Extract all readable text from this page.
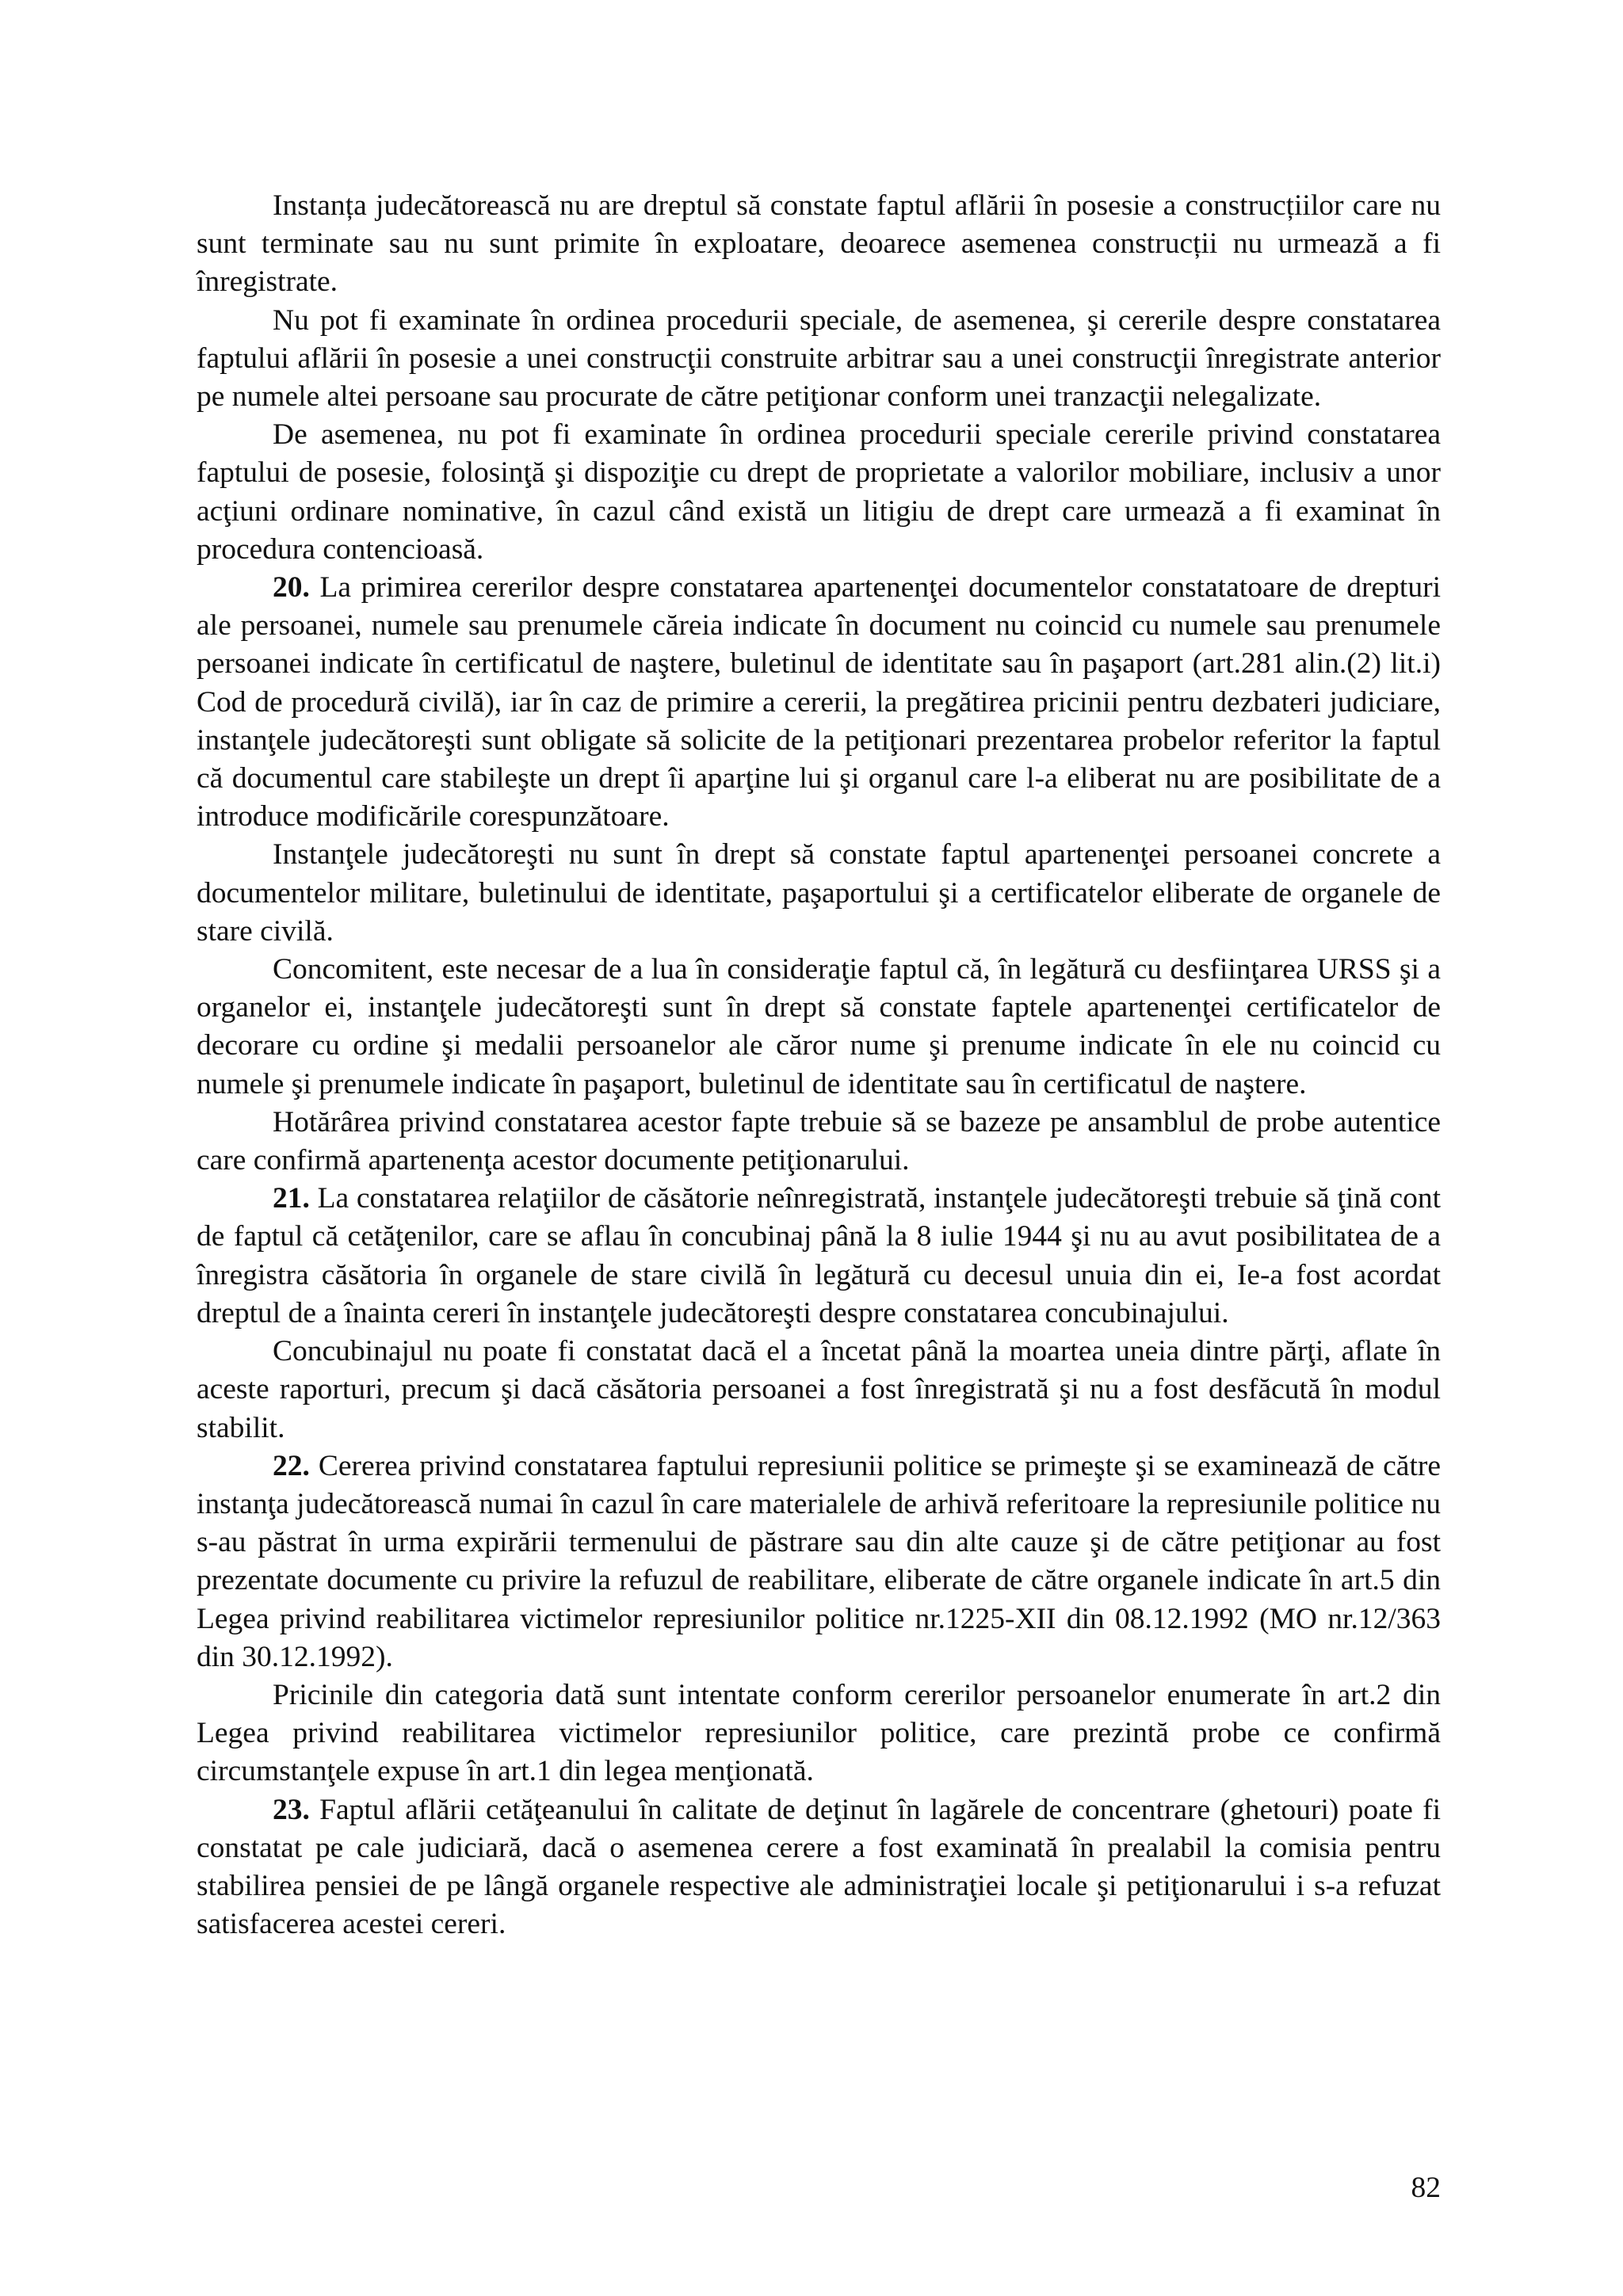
Instanța judecătorească nu are dreptul să constate faptul aflării în posesie a construcțiilor care nu sunt terminate sau nu sunt primite în exploatare, deoarece asemenea construcții nu urmează a fi înregistrate.

Nu pot fi examinate în ordinea procedurii speciale, de asemenea, şi cererile despre constatarea faptului aflării în posesie a unei construcţii construite arbitrar sau a unei construcţii înregistrate anterior pe numele altei persoane sau procurate de către petiţionar conform unei tranzacţii nelegalizate.

De asemenea, nu pot fi examinate în ordinea procedurii speciale cererile privind constatarea faptului de posesie, folosinţă şi dispoziţie cu drept de proprietate a valorilor mobiliare, inclusiv a unor acţiuni ordinare nominative, în cazul când există un litigiu de drept care urmează a fi examinat în procedura contencioasă.

20. La primirea cererilor despre constatarea apartenenţei documentelor constatatoare de drepturi ale persoanei, numele sau prenumele căreia indicate în document nu coincid cu numele sau prenumele persoanei indicate în certificatul de naştere, buletinul de identitate sau în paşaport (art.281 alin.(2) lit.i) Cod de procedură civilă), iar în caz de primire a cererii, la pregătirea pricinii pentru dezbateri judiciare, instanţele judecătoreşti sunt obligate să solicite de la petiţionari prezentarea probelor referitor la faptul că documentul care stabileşte un drept îi aparţine lui şi organul care l-a eliberat nu are posibilitate de a introduce modificările corespunzătoare.

Instanţele judecătoreşti nu sunt în drept să constate faptul apartenenţei persoanei concrete a documentelor militare, buletinului de identitate, paşaportului şi a certificatelor eliberate de organele de stare civilă.

Concomitent, este necesar de a lua în consideraţie faptul că, în legătură cu desfiinţarea URSS şi a organelor ei, instanţele judecătoreşti sunt în drept să constate faptele apartenenţei certificatelor de decorare cu ordine şi medalii persoanelor ale căror nume şi prenume indicate în ele nu coincid cu numele şi prenumele indicate în paşaport, buletinul de identitate sau în certificatul de naştere.

Hotărârea privind constatarea acestor fapte trebuie să se bazeze pe ansamblul de probe autentice care confirmă apartenenţa acestor documente petiţionarului.

21. La constatarea relaţiilor de căsătorie neînregistrată, instanţele judecătoreşti trebuie să ţină cont de faptul că cetăţenilor, care se aflau în concubinaj până la 8 iulie 1944 şi nu au avut posibilitatea de a înregistra căsătoria în organele de stare civilă în legătură cu decesul unuia din ei, Ie-a fost acordat dreptul de a înainta cereri în instanţele judecătoreşti despre constatarea concubinajului.

Concubinajul nu poate fi constatat dacă el a încetat până la moartea uneia dintre părţi, aflate în aceste raporturi, precum şi dacă căsătoria persoanei a fost înregistrată şi nu a fost desfăcută în modul stabilit.

22. Cererea privind constatarea faptului represiunii politice se primeşte şi se examinează de către instanţa judecătorească numai în cazul în care materialele de arhivă referitoare la represiunile politice nu s-au păstrat în urma expirării termenului de păstrare sau din alte cauze şi de către petiţionar au fost prezentate documente cu privire la refuzul de reabilitare, eliberate de către organele indicate în art.5 din Legea privind reabilitarea victimelor represiunilor politice nr.1225-XII din 08.12.1992 (MO nr.12/363 din 30.12.1992).

Pricinile din categoria dată sunt intentate conform cererilor persoanelor enumerate în art.2 din Legea privind reabilitarea victimelor represiunilor politice, care prezintă probe ce confirmă circumstanţele expuse în art.1 din legea menţionată.

23. Faptul aflării cetăţeanului în calitate de deţinut în lagărele de concentrare (ghetouri) poate fi constatat pe cale judiciară, dacă o asemenea cerere a fost examinată în prealabil la comisia pentru stabilirea pensiei de pe lângă organele respective ale administraţiei locale şi petiţionarului i s-a refuzat satisfacerea acestei cereri.

82
